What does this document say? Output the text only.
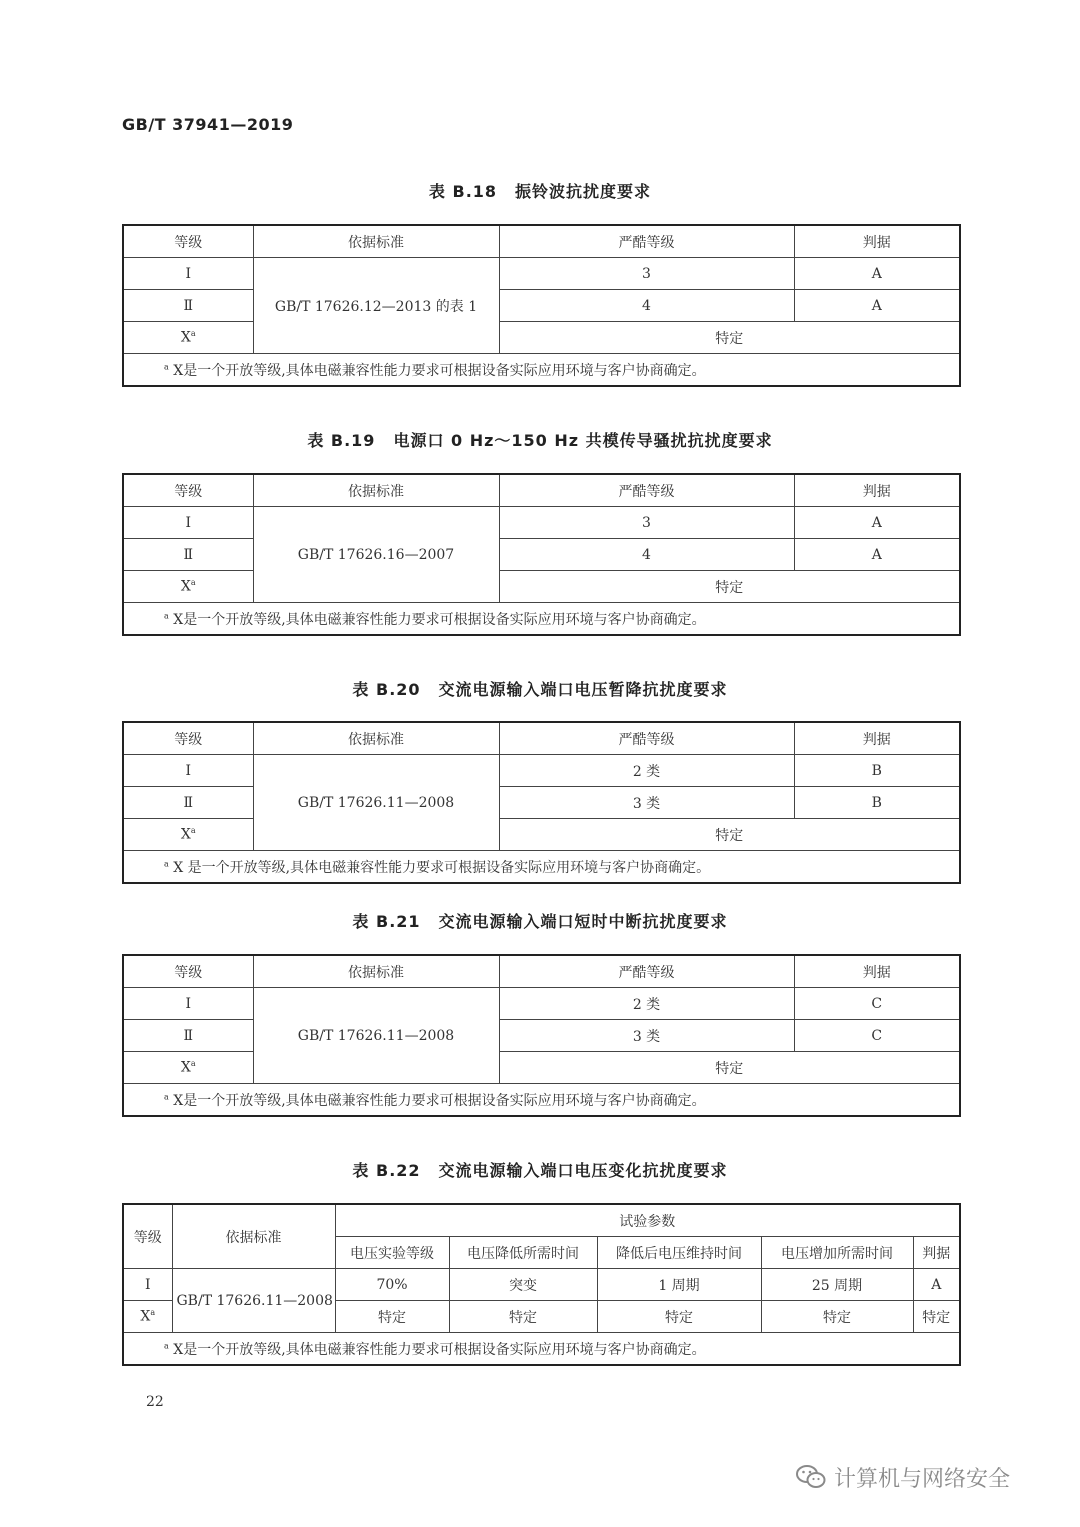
GB/T 37941—2019
表 B.18 振铃波抗扰度要求
等级	依据标准	严酷等级	判据
Ⅰ	GB/T 17626.12—2013 的表 1	3	A
Ⅱ		4	A
Ⅹ$^a$		特定	
$^a$ Ⅹ是一个开放等级,具体电磁兼容性能力要求可根据设备实际应用环境与客户协商确定。			
表 B.19 电源口 0 Hz～150 Hz 共模传导骚扰抗扰度要求
等级	依据标准	严酷等级	判据
Ⅰ	GB/T 17626.16—2007	3	A
Ⅱ		4	A
Ⅹ$^a$		特定	
$^a$ Ⅹ是一个开放等级,具体电磁兼容性能力要求可根据设备实际应用环境与客户协商确定。			
表 B.20 交流电源输入端口电压暂降抗扰度要求
等级	依据标准	严酷等级	判据
Ⅰ	GB/T 17626.11—2008	2 类	B
Ⅱ		3 类	B
Ⅹ$^a$		特定	
$^a$ X 是一个开放等级,具体电磁兼容性能力要求可根据设备实际应用环境与客户协商确定。			
表 B.21 交流电源输入端口短时中断抗扰度要求
等级	依据标准	严酷等级	判据
Ⅰ	GB/T 17626.11—2008	2 类	C
Ⅱ		3 类	C
Ⅹ$^a$		特定	
$^a$ Ⅹ是一个开放等级,具体电磁兼容性能力要求可根据设备实际应用环境与客户协商确定。			
表 B.22 交流电源输入端口电压变化抗扰度要求
等级	依据标准	试验参数				
		电压实验等级	电压降低所需时间	降低后电压维持时间	电压增加所需时间	判据
Ⅰ	GB/T 17626.11—2008	70%	突变	1 周期	25 周期	A
Ⅹ$^a$		特定	特定	特定	特定	特定
$^a$ Ⅹ是一个开放等级,具体电磁兼容性能力要求可根据设备实际应用环境与客户协商确定。						
22
计算机与网络安全
